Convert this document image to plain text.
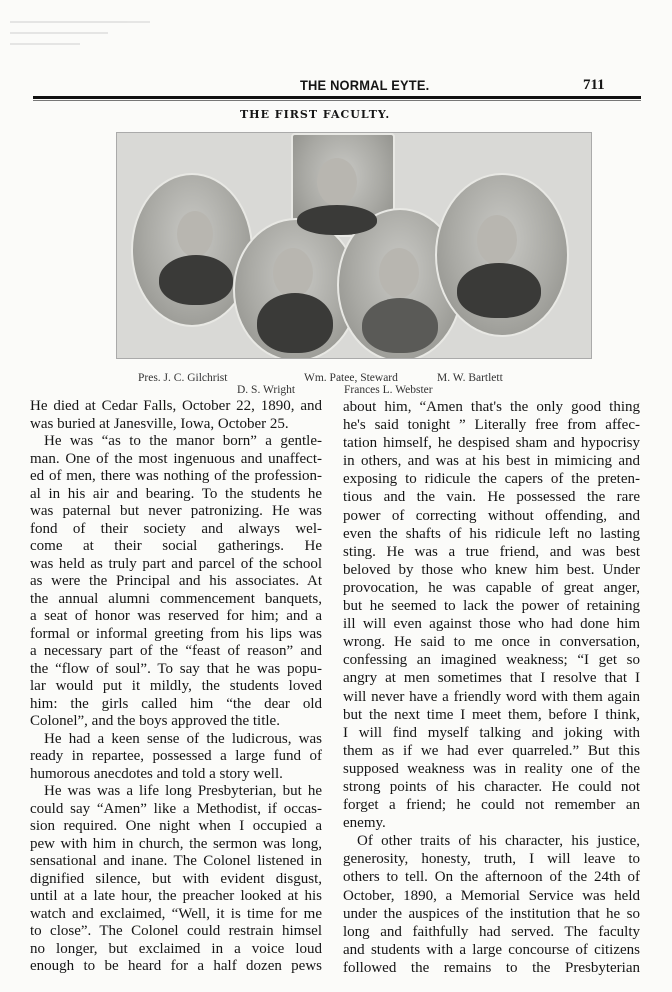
THE NORMAL EYTE.	711
THE FIRST FACULTY.
Pres. J. C. Gilchrist	Wm. Patee, Steward	M. W. Bartlett
D. S. Wright	Frances L. Webster
He died at Cedar Falls, October 22, 1890, and
was buried at Janesville, Iowa, October 25.
He was “as to the manor born” a gentle-
man. One of the most ingenuous and unaffect-
ed of men, there was nothing of the profession-
al in his air and bearing. To the students he
was paternal but never patronizing. He was
fond of their society and always wel-
come at their social gatherings. He
was held as truly part and parcel of the school
as were the Principal and his associates. At
the annual alumni commencement banquets,
a seat of honor was reserved for him; and a
formal or informal greeting from his lips was
a necessary part of the “feast of reason” and
the “flow of soul”. To say that he was popu-
lar would put it mildly, the students loved
him: the girls called him “the dear old
Colonel”, and the boys approved the title.
He had a keen sense of the ludicrous, was
ready in repartee, possessed a large fund of
humorous anecdotes and told a story well.
He was was a life long Presbyterian, but he
could say “Amen” like a Methodist, if occas-
sion required. One night when I occupied a
pew with him in church, the sermon was long,
sensational and inane. The Colonel listened in
dignified silence, but with evident disgust,
until at a late hour, the preacher looked at his
watch and exclaimed, “Well, it is time for me
to close”. The Colonel could restrain himsel
no longer, but exclaimed in a voice loud
enough to be heard for a half dozen pews
about him, “Amen that's the only good thing
he's said tonight ” Literally free from affec-
tation himself, he despised sham and hypocrisy
in others, and was at his best in mimicing and
exposing to ridicule the capers of the preten-
tious and the vain. He possessed the rare
power of correcting without offending, and
even the shafts of his ridicule left no lasting
sting. He was a true friend, and was best
beloved by those who knew him best. Under
provocation, he was capable of great anger,
but he seemed to lack the power of retaining
ill will even against those who had done him
wrong. He said to me once in conversation,
confessing an imagined weakness; “I get so
angry at men sometimes that I resolve that I
will never have a friendly word with them again
but the next time I meet them, before I think,
I will find myself talking and joking with
them as if we had ever quarreled.” But this
supposed weakness was in reality one of the
strong points of his character. He could not
forget a friend; he could not remember an
enemy.
Of other traits of his character, his justice,
generosity, honesty, truth, I will leave to
others to tell. On the afternoon of the 24th of
October, 1890, a Memorial Service was held
under the auspices of the institution that he so
long and faithfully had served. The faculty
and students with a large concourse of citizens
followed the remains to the Presbyterian
